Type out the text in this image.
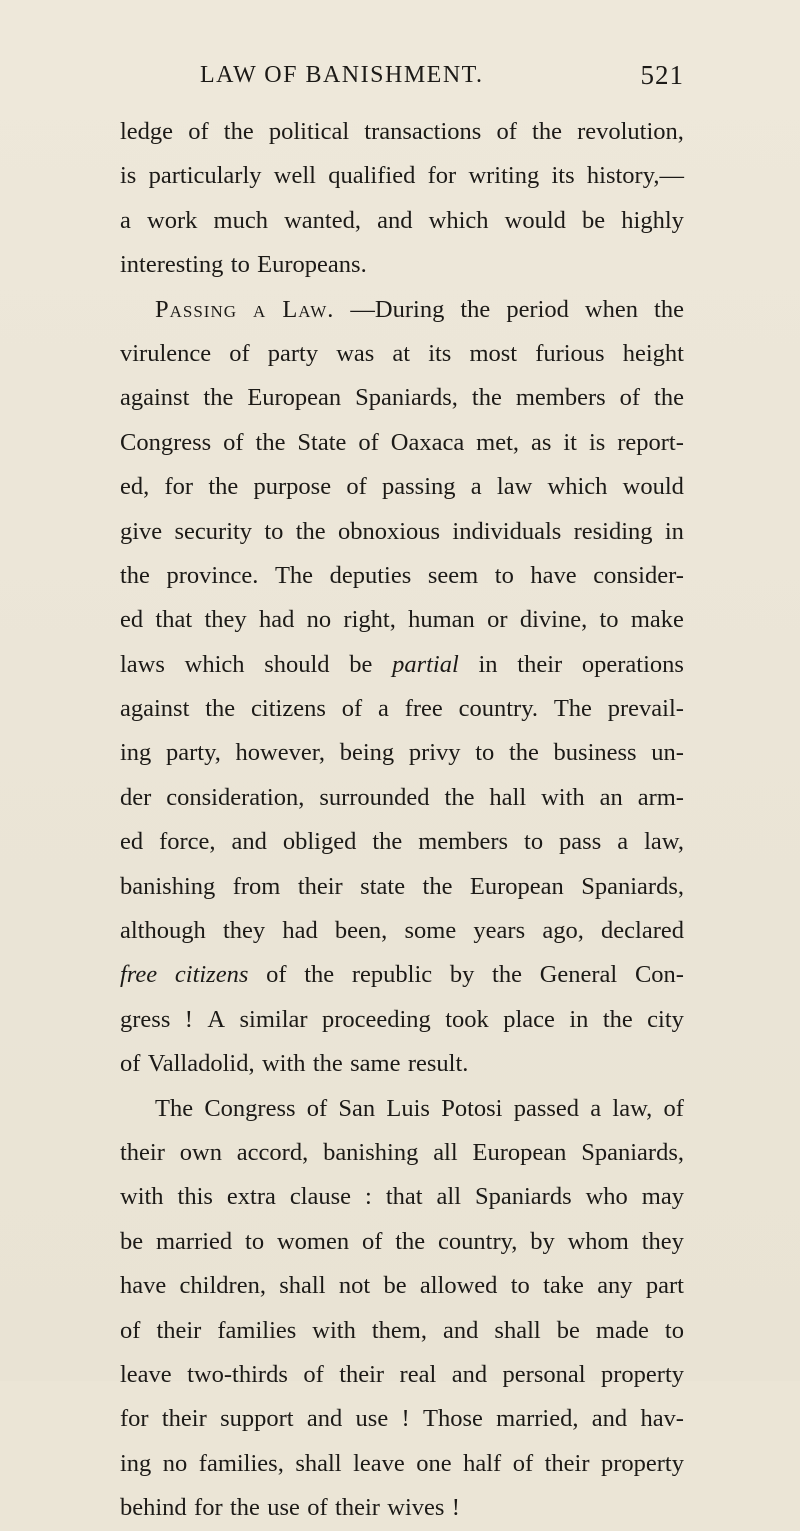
LAW OF BANISHMENT.	521
ledge of the political transactions of the revolution,
is particularly well qualified for writing its history,—
a work much wanted, and which would be highly
interesting to Europeans.
Passing a Law. —During the period when the
virulence of party was at its most furious height
against the European Spaniards, the members of the
Congress of the State of Oaxaca met, as it is report-
ed, for the purpose of passing a law which would
give security to the obnoxious individuals residing in
the province. The deputies seem to have consider-
ed that they had no right, human or divine, to make
laws which should be partial in their operations
against the citizens of a free country. The prevail-
ing party, however, being privy to the business un-
der consideration, surrounded the hall with an arm-
ed force, and obliged the members to pass a law,
banishing from their state the European Spaniards,
although they had been, some years ago, declared
free citizens of the republic by the General Con-
gress ! A similar proceeding took place in the city
of Valladolid, with the same result.
The Congress of San Luis Potosi passed a law, of
their own accord, banishing all European Spaniards,
with this extra clause : that all Spaniards who may
be married to women of the country, by whom they
have children, shall not be allowed to take any part
of their families with them, and shall be made to
leave two-thirds of their real and personal property
for their support and use ! Those married, and hav-
ing no families, shall leave one half of their property
behind for the use of their wives !
